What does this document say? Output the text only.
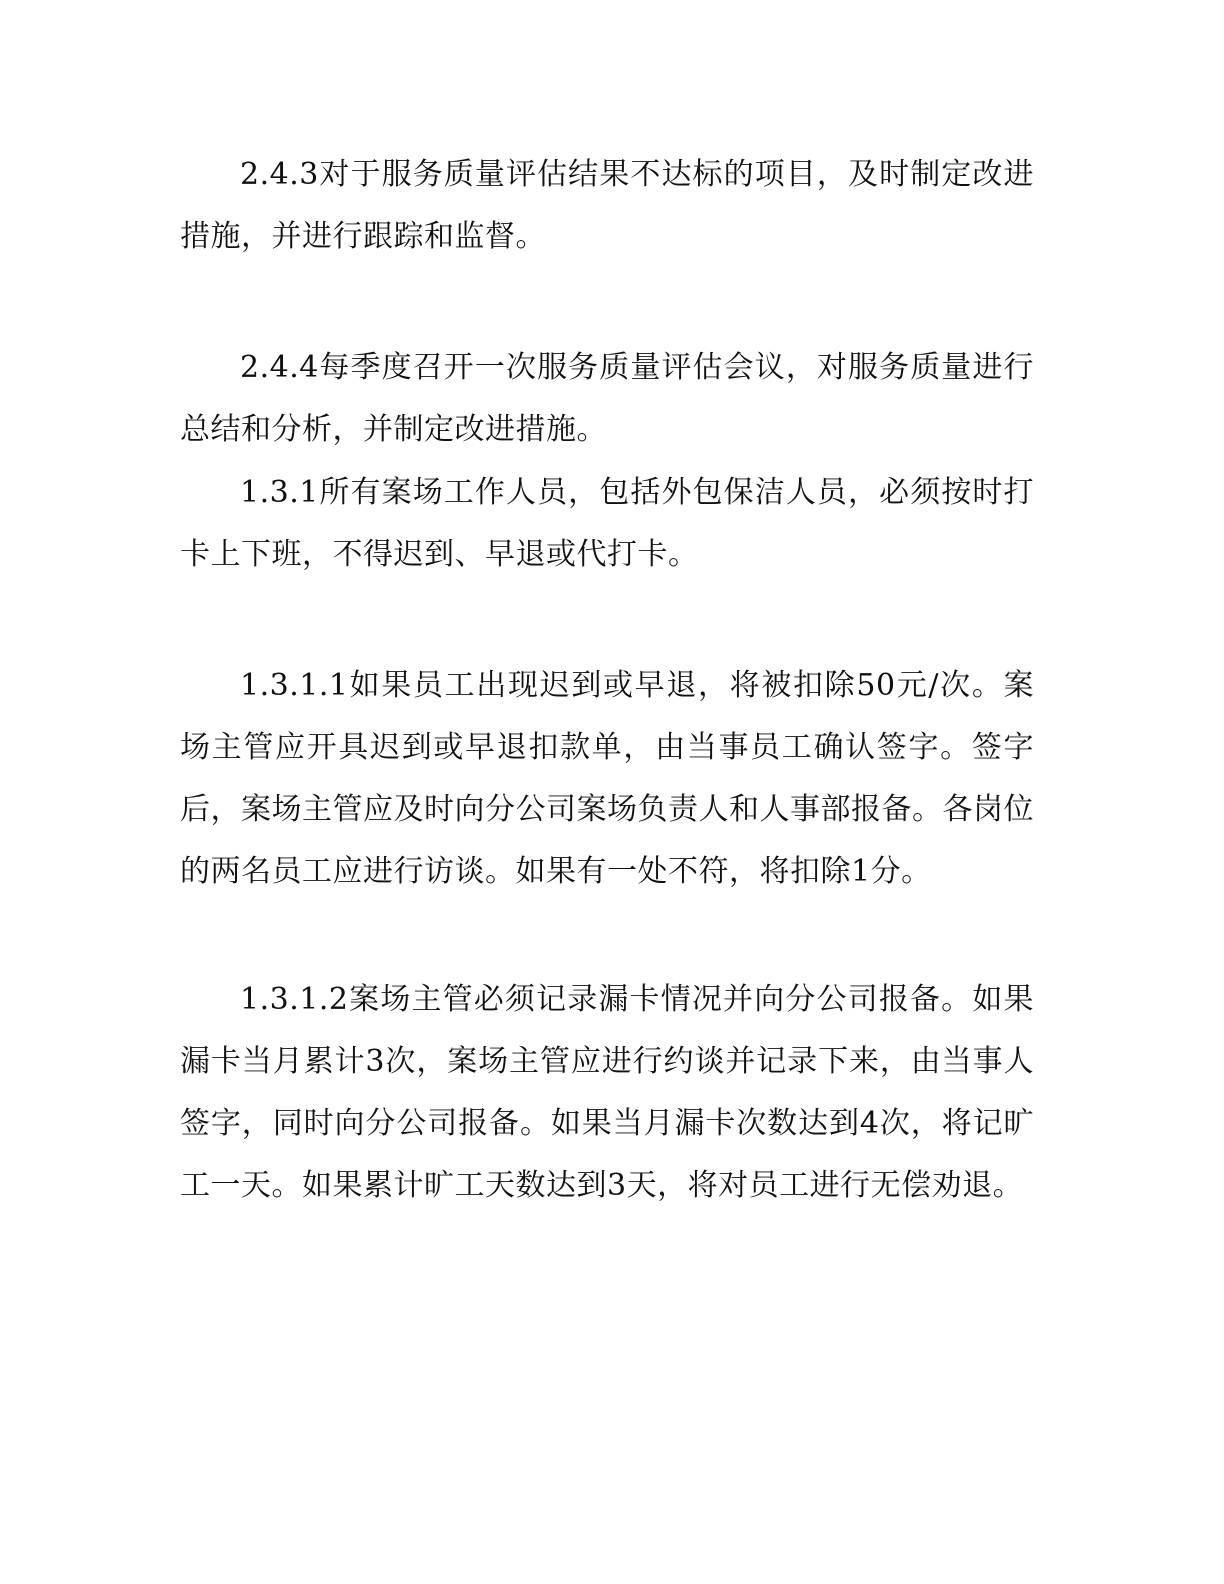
2.4.3对于服务质量评估结果不达标的项目，及时制定改进措施，并进行跟踪和监督。

2.4.4每季度召开一次服务质量评估会议，对服务质量进行总结和分析，并制定改进措施。

1.3.1所有案场工作人员，包括外包保洁人员，必须按时打卡上下班，不得迟到、早退或代打卡。

1.3.1.1如果员工出现迟到或早退，将被扣除50元/次。案场主管应开具迟到或早退扣款单，由当事员工确认签字。签字后，案场主管应及时向分公司案场负责人和人事部报备。各岗位的两名员工应进行访谈。如果有一处不符，将扣除1分。

1.3.1.2案场主管必须记录漏卡情况并向分公司报备。如果漏卡当月累计3次，案场主管应进行约谈并记录下来，由当事人签字，同时向分公司报备。如果当月漏卡次数达到4次，将记旷工一天。如果累计旷工天数达到3天，将对员工进行无偿劝退。
